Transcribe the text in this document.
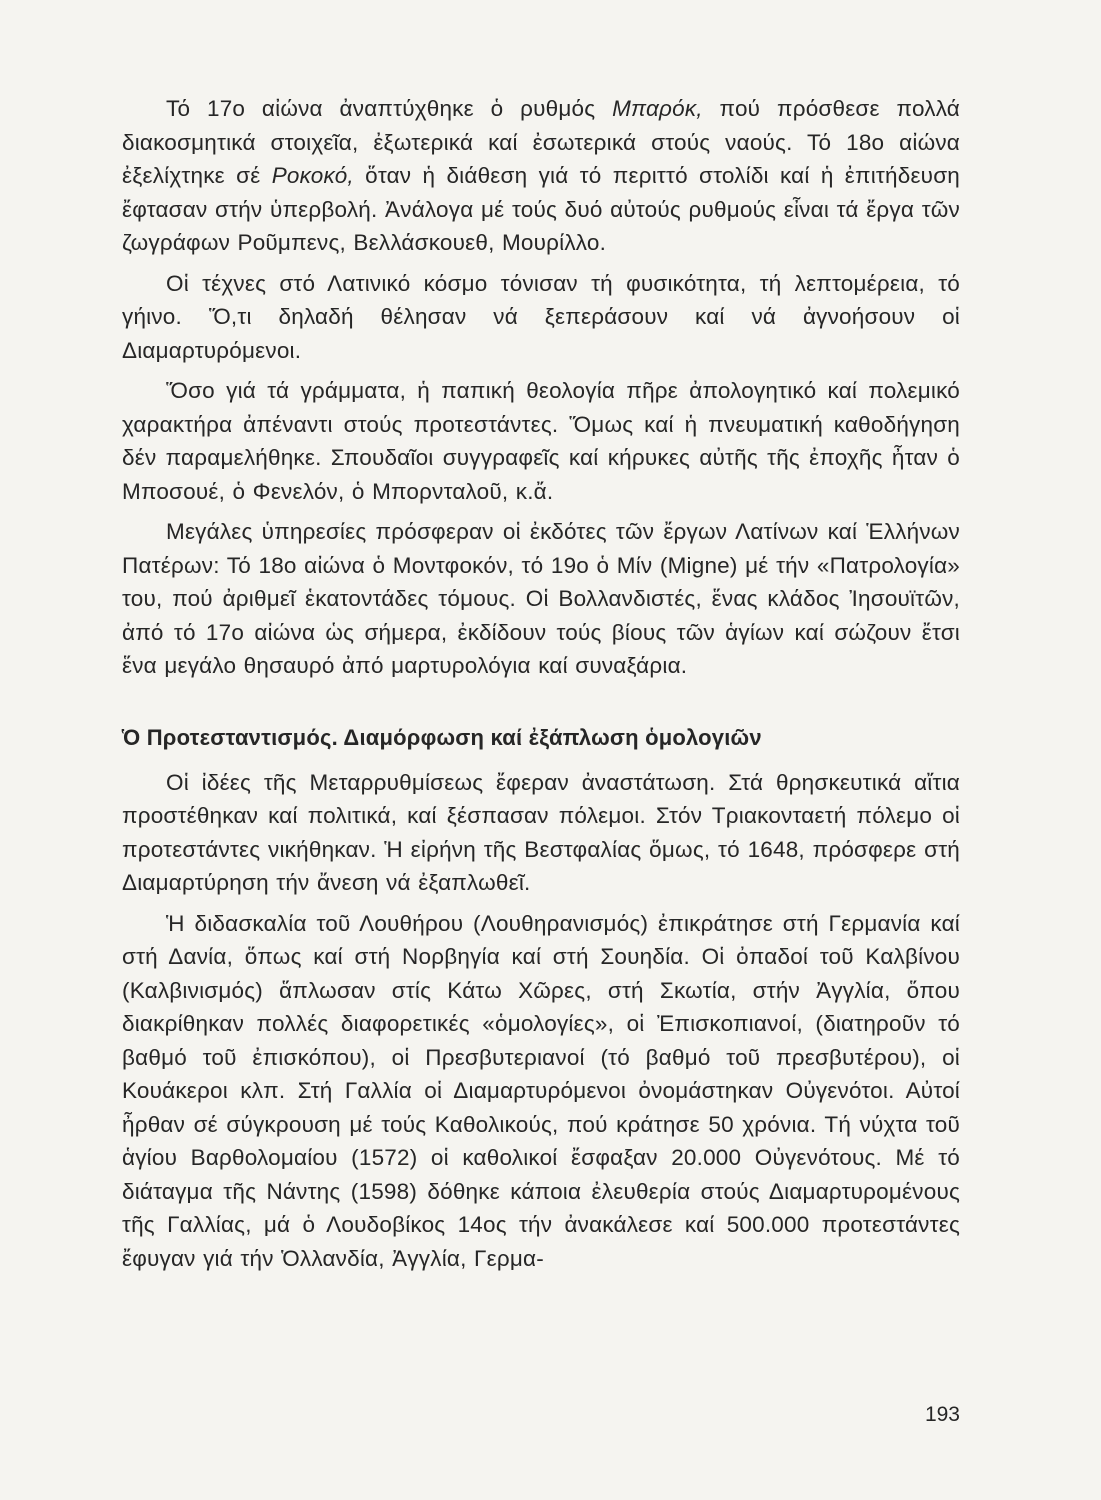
Τό 17ο αἰώνα ἀναπτύχθηκε ὁ ρυθμός Μπαρόκ, πού πρόσθεσε πολλά διακοσμητικά στοιχεῖα, ἐξωτερικά καί ἐσωτερικά στούς ναούς. Τό 18ο αἰώνα ἐξελίχτηκε σέ Ροκοκό, ὅταν ἡ διάθεση γιά τό περιττό στολίδι καί ἡ ἐπιτήδευση ἔφτασαν στήν ὑπερβολή. Ἀνάλογα μέ τούς δυό αὐτούς ρυθμούς εἶναι τά ἔργα τῶν ζωγράφων Ροῦμπενς, Βελλάσκουεθ, Μουρίλλο.

Οἱ τέχνες στό Λατινικό κόσμο τόνισαν τή φυσικότητα, τή λεπτομέρεια, τό γήινο. Ὅ,τι δηλαδή θέλησαν νά ξεπεράσουν καί νά ἀγνοήσουν οἱ Διαμαρτυρόμενοι.

Ὅσο γιά τά γράμματα, ἡ παπική θεολογία πῆρε ἀπολογητικό καί πολεμικό χαρακτήρα ἀπέναντι στούς προτεστάντες. Ὅμως καί ἡ πνευματική καθοδήγηση δέν παραμελήθηκε. Σπουδαῖοι συγγραφεῖς καί κήρυκες αὐτῆς τῆς ἐποχῆς ἦταν ὁ Μποσουέ, ὁ Φενελόν, ὁ Μπορνταλοῦ, κ.ἄ.

Μεγάλες ὑπηρεσίες πρόσφεραν οἱ ἐκδότες τῶν ἔργων Λατίνων καί Ἑλλήνων Πατέρων: Τό 18ο αἰώνα ὁ Μοντφοκόν, τό 19ο ὁ Μίν (Migne) μέ τήν «Πατρολογία» του, πού ἀριθμεῖ ἑκατοντάδες τόμους. Οἱ Βολλανδιστές, ἕνας κλάδος Ἰησουϊτῶν, ἀπό τό 17ο αἰώνα ὡς σήμερα, ἐκδίδουν τούς βίους τῶν ἁγίων καί σώζουν ἔτσι ἕνα μεγάλο θησαυρό ἀπό μαρτυρολόγια καί συναξάρια.

Ὁ Προτεσταντισμός. Διαμόρφωση καί ἐξάπλωση ὁμολογιῶν

Οἱ ἰδέες τῆς Μεταρρυθμίσεως ἔφεραν ἀναστάτωση. Στά θρησκευτικά αἴτια προστέθηκαν καί πολιτικά, καί ξέσπασαν πόλεμοι. Στόν Τριακονταετή πόλεμο οἱ προτεστάντες νικήθηκαν. Ἡ εἰρήνη τῆς Βεστφαλίας ὅμως, τό 1648, πρόσφερε στή Διαμαρτύρηση τήν ἄνεση νά ἐξαπλωθεῖ.

Ἡ διδασκαλία τοῦ Λουθήρου (Λουθηρανισμός) ἐπικράτησε στή Γερμανία καί στή Δανία, ὅπως καί στή Νορβηγία καί στή Σουηδία. Οἱ ὀπαδοί τοῦ Καλβίνου (Καλβινισμός) ἅπλωσαν στίς Κάτω Χῶρες, στή Σκωτία, στήν Ἀγγλία, ὅπου διακρίθηκαν πολλές διαφορετικές «ὁμολογίες», οἱ Ἐπισκοπιανοί, (διατηροῦν τό βαθμό τοῦ ἐπισκόπου), οἱ Πρεσβυτεριανοί (τό βαθμό τοῦ πρεσβυτέρου), οἱ Κουάκεροι κλπ. Στή Γαλλία οἱ Διαμαρτυρόμενοι ὀνομάστηκαν Οὐγενότοι. Αὐτοί ἦρθαν σέ σύγκρουση μέ τούς Καθολικούς, πού κράτησε 50 χρόνια. Τή νύχτα τοῦ ἁγίου Βαρθολομαίου (1572) οἱ καθολικοί ἔσφαξαν 20.000 Οὐγενότους. Μέ τό διάταγμα τῆς Νάντης (1598) δόθηκε κάποια ἐλευθερία στούς Διαμαρτυρομένους τῆς Γαλλίας, μά ὁ Λουδοβίκος 14ος τήν ἀνακάλεσε καί 500.000 προτεστάντες ἔφυγαν γιά τήν Ὁλλανδία, Ἀγγλία, Γερμα-

193
